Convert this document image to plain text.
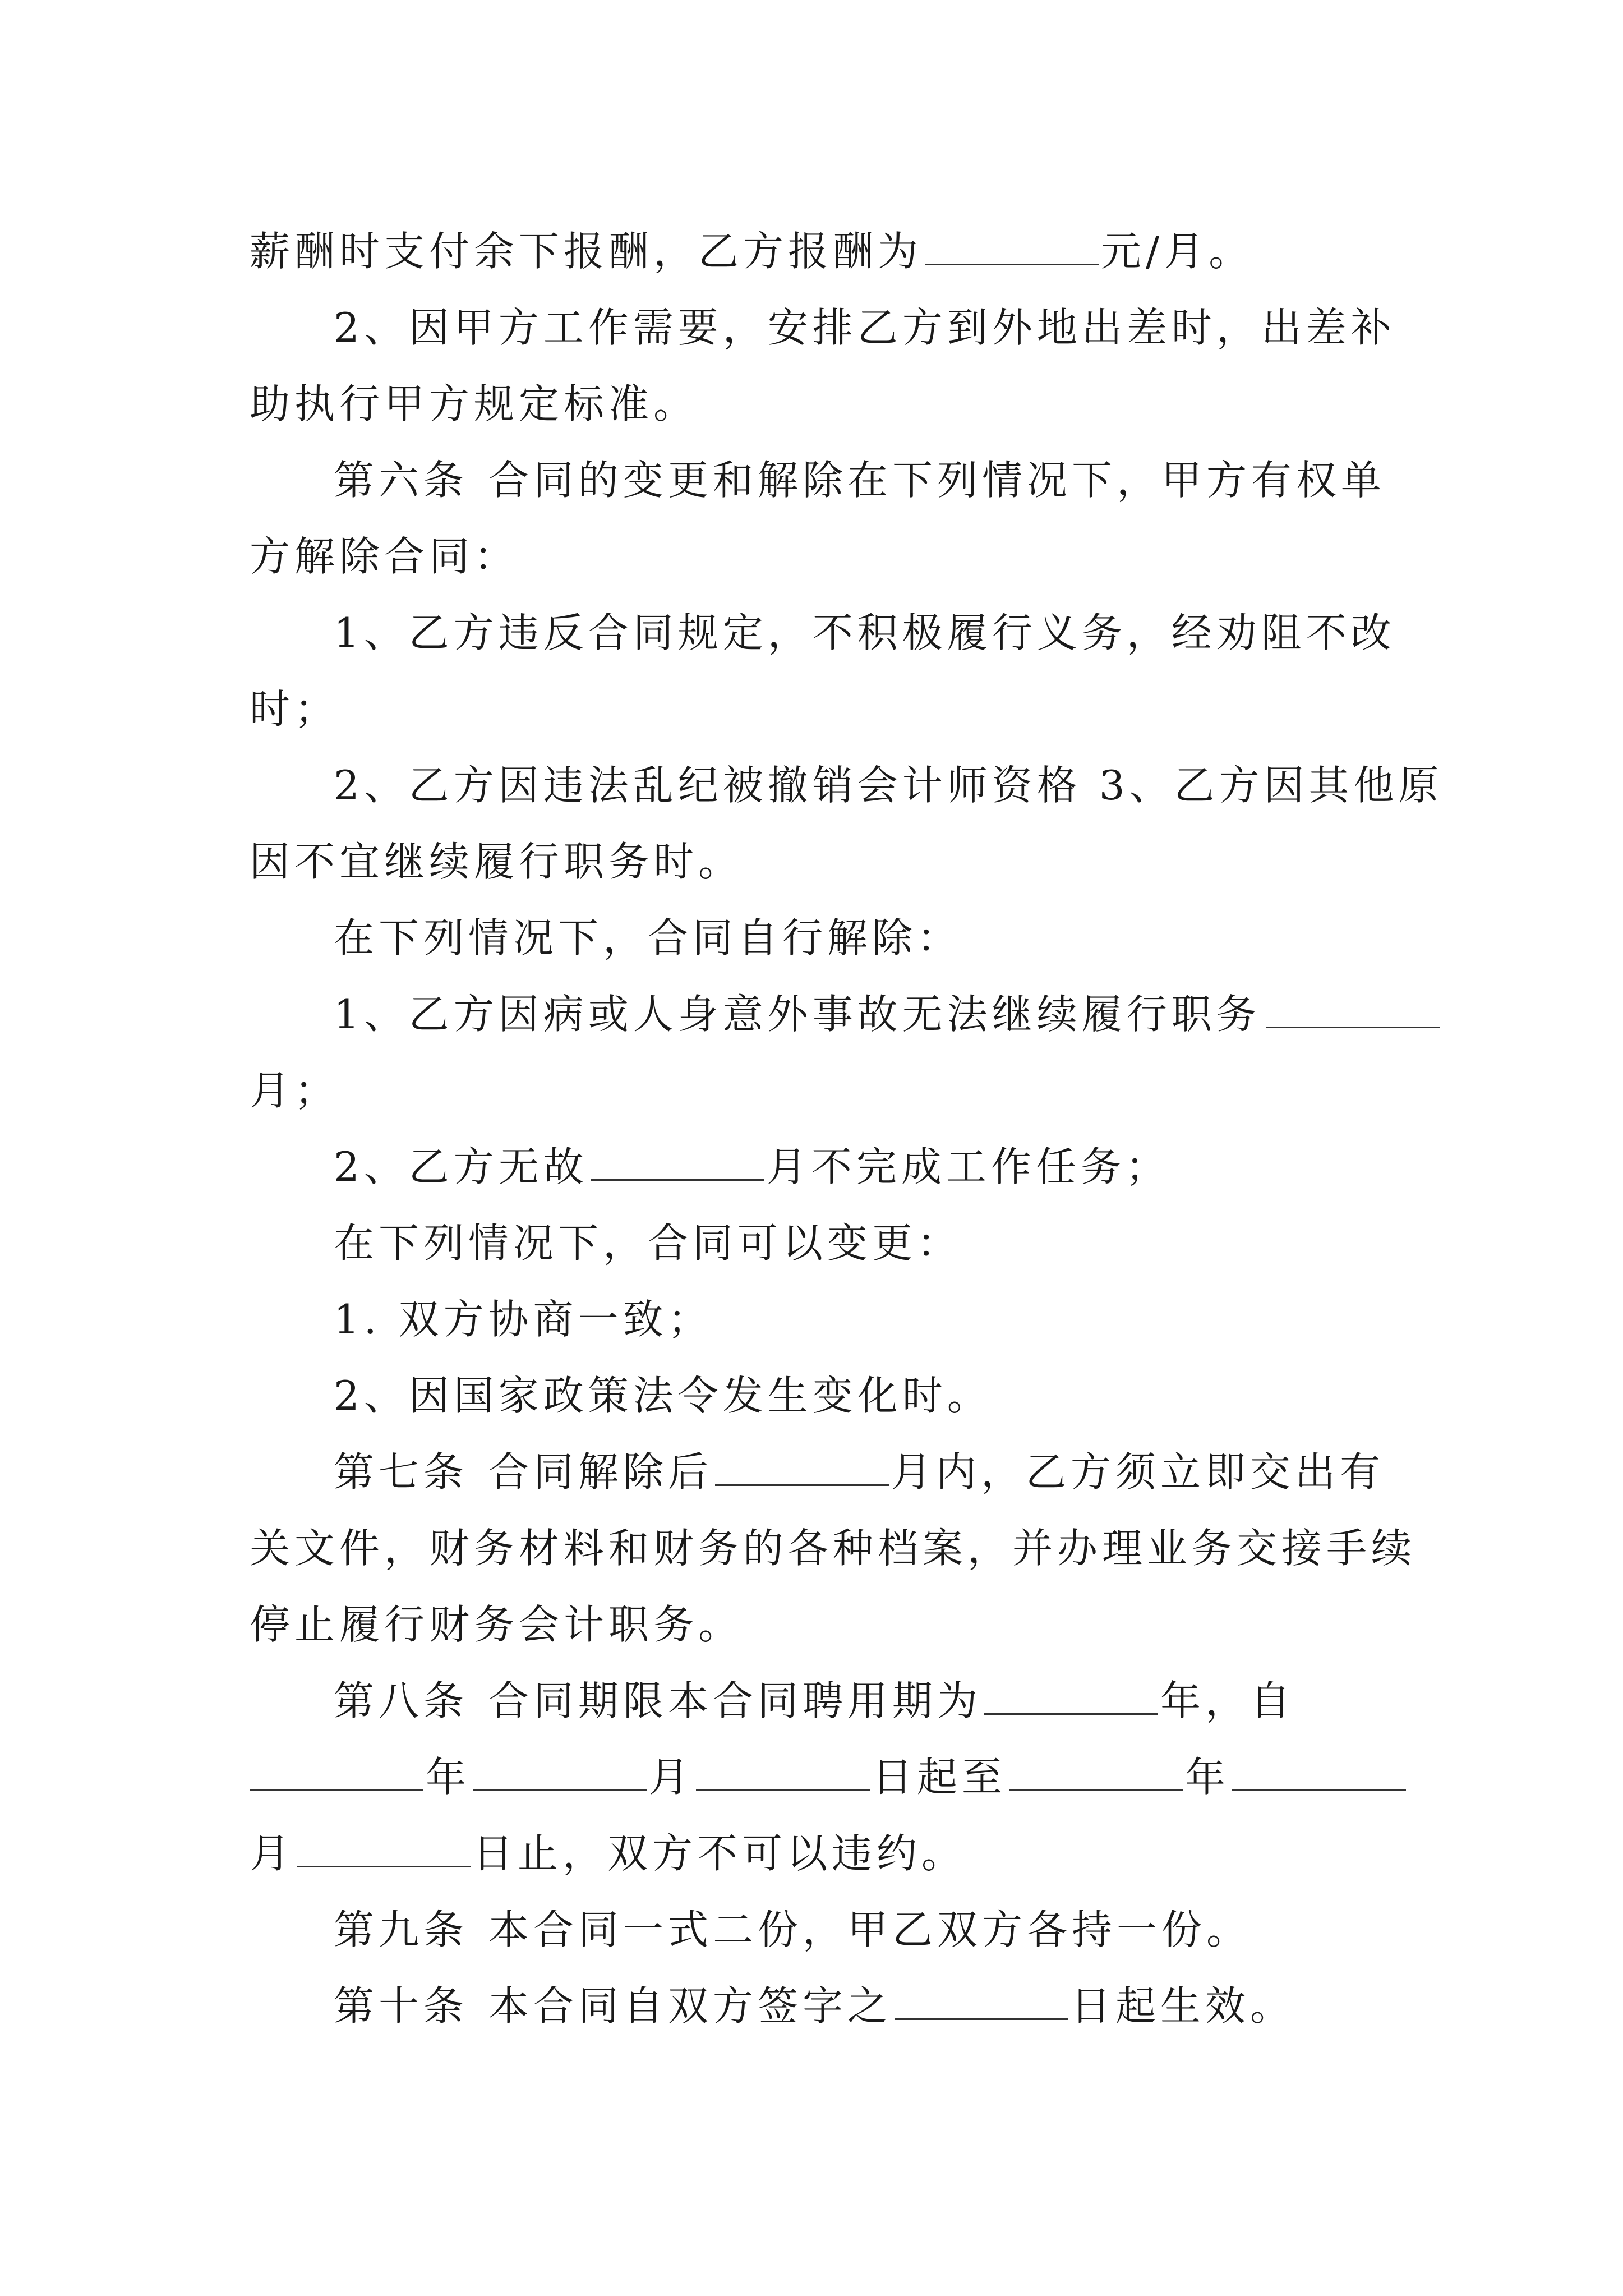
薪酬时支付余下报酬，乙方报酬为	元/月。
2、因甲方工作需要，安排乙方到外地出差时，出差补
助执行甲方规定标准。
第六条 合同的变更和解除在下列情况下，甲方有权单
方解除合同：
1、乙方违反合同规定，不积极履行义务，经劝阻不改
时；
2、乙方因违法乱纪被撤销会计师资格 3、乙方因其他原
因不宜继续履行职务时。
在下列情况下，合同自行解除：
1、乙方因病或人身意外事故无法继续履行职务
月；
2、乙方无故	月不完成工作任务；
在下列情况下，合同可以变更：
1. 双方协商一致；
2、因国家政策法令发生变化时。
第七条 合同解除后	月内，乙方须立即交出有
关文件，财务材料和财务的各种档案，并办理业务交接手续
停止履行财务会计职务。
第八条 合同期限本合同聘用期为	年，自
年	月	日起至	年
月	日止，双方不可以违约。
第九条 本合同一式二份，甲乙双方各持一份。
第十条 本合同自双方签字之	日起生效。
